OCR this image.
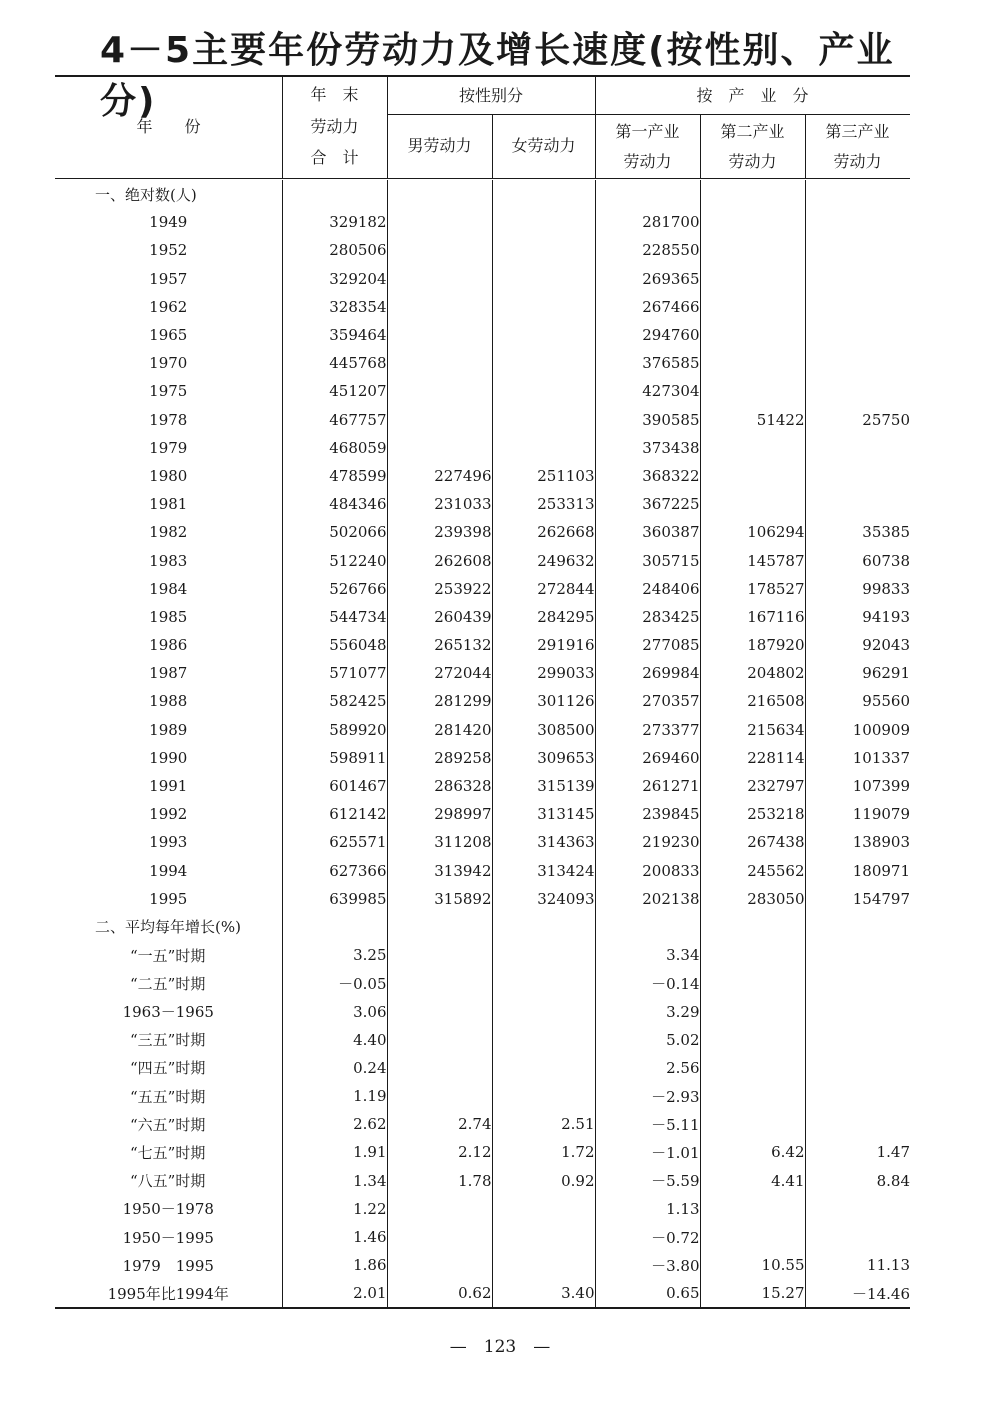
4－5主要年份劳动力及增长速度(按性别、产业分)
年　　份
年　末
劳动力
合　计
按性别分
男劳动力	女劳动力
按　产　业　分
第一产业
劳动力
第二产业
劳动力
第三产业
劳动力
一、绝对数(人)						
1949	329182			281700		
1952	280506			228550		
1957	329204			269365		
1962	328354			267466		
1965	359464			294760		
1970	445768			376585		
1975	451207			427304		
1978	467757			390585	51422	25750
1979	468059			373438		
1980	478599	227496	251103	368322		
1981	484346	231033	253313	367225		
1982	502066	239398	262668	360387	106294	35385
1983	512240	262608	249632	305715	145787	60738
1984	526766	253922	272844	248406	178527	99833
1985	544734	260439	284295	283425	167116	94193
1986	556048	265132	291916	277085	187920	92043
1987	571077	272044	299033	269984	204802	96291
1988	582425	281299	301126	270357	216508	95560
1989	589920	281420	308500	273377	215634	100909
1990	598911	289258	309653	269460	228114	101337
1991	601467	286328	315139	261271	232797	107399
1992	612142	298997	313145	239845	253218	119079
1993	625571	311208	314363	219230	267438	138903
1994	627366	313942	313424	200833	245562	180971
1995	639985	315892	324093	202138	283050	154797
二、平均每年增长(%)						
“一五”时期	3.25			3.34		
“二五”时期	－0.05			－0.14		
1963－1965	3.06			3.29		
“三五”时期	4.40			5.02		
“四五”时期	0.24			2.56		
“五五”时期	1.19			－2.93		
“六五”时期	2.62	2.74	2.51	－5.11		
“七五”时期	1.91	2.12	1.72	－1.01	6.42	1.47
“八五”时期	1.34	1.78	0.92	－5.59	4.41	8.84
1950－1978	1.22			1.13		
1950－1995	1.46			－0.72		
1979　1995	1.86			－3.80	10.55	11.13
1995年比1994年	2.01	0.62	3.40	0.65	15.27	－14.46
—　123　—
